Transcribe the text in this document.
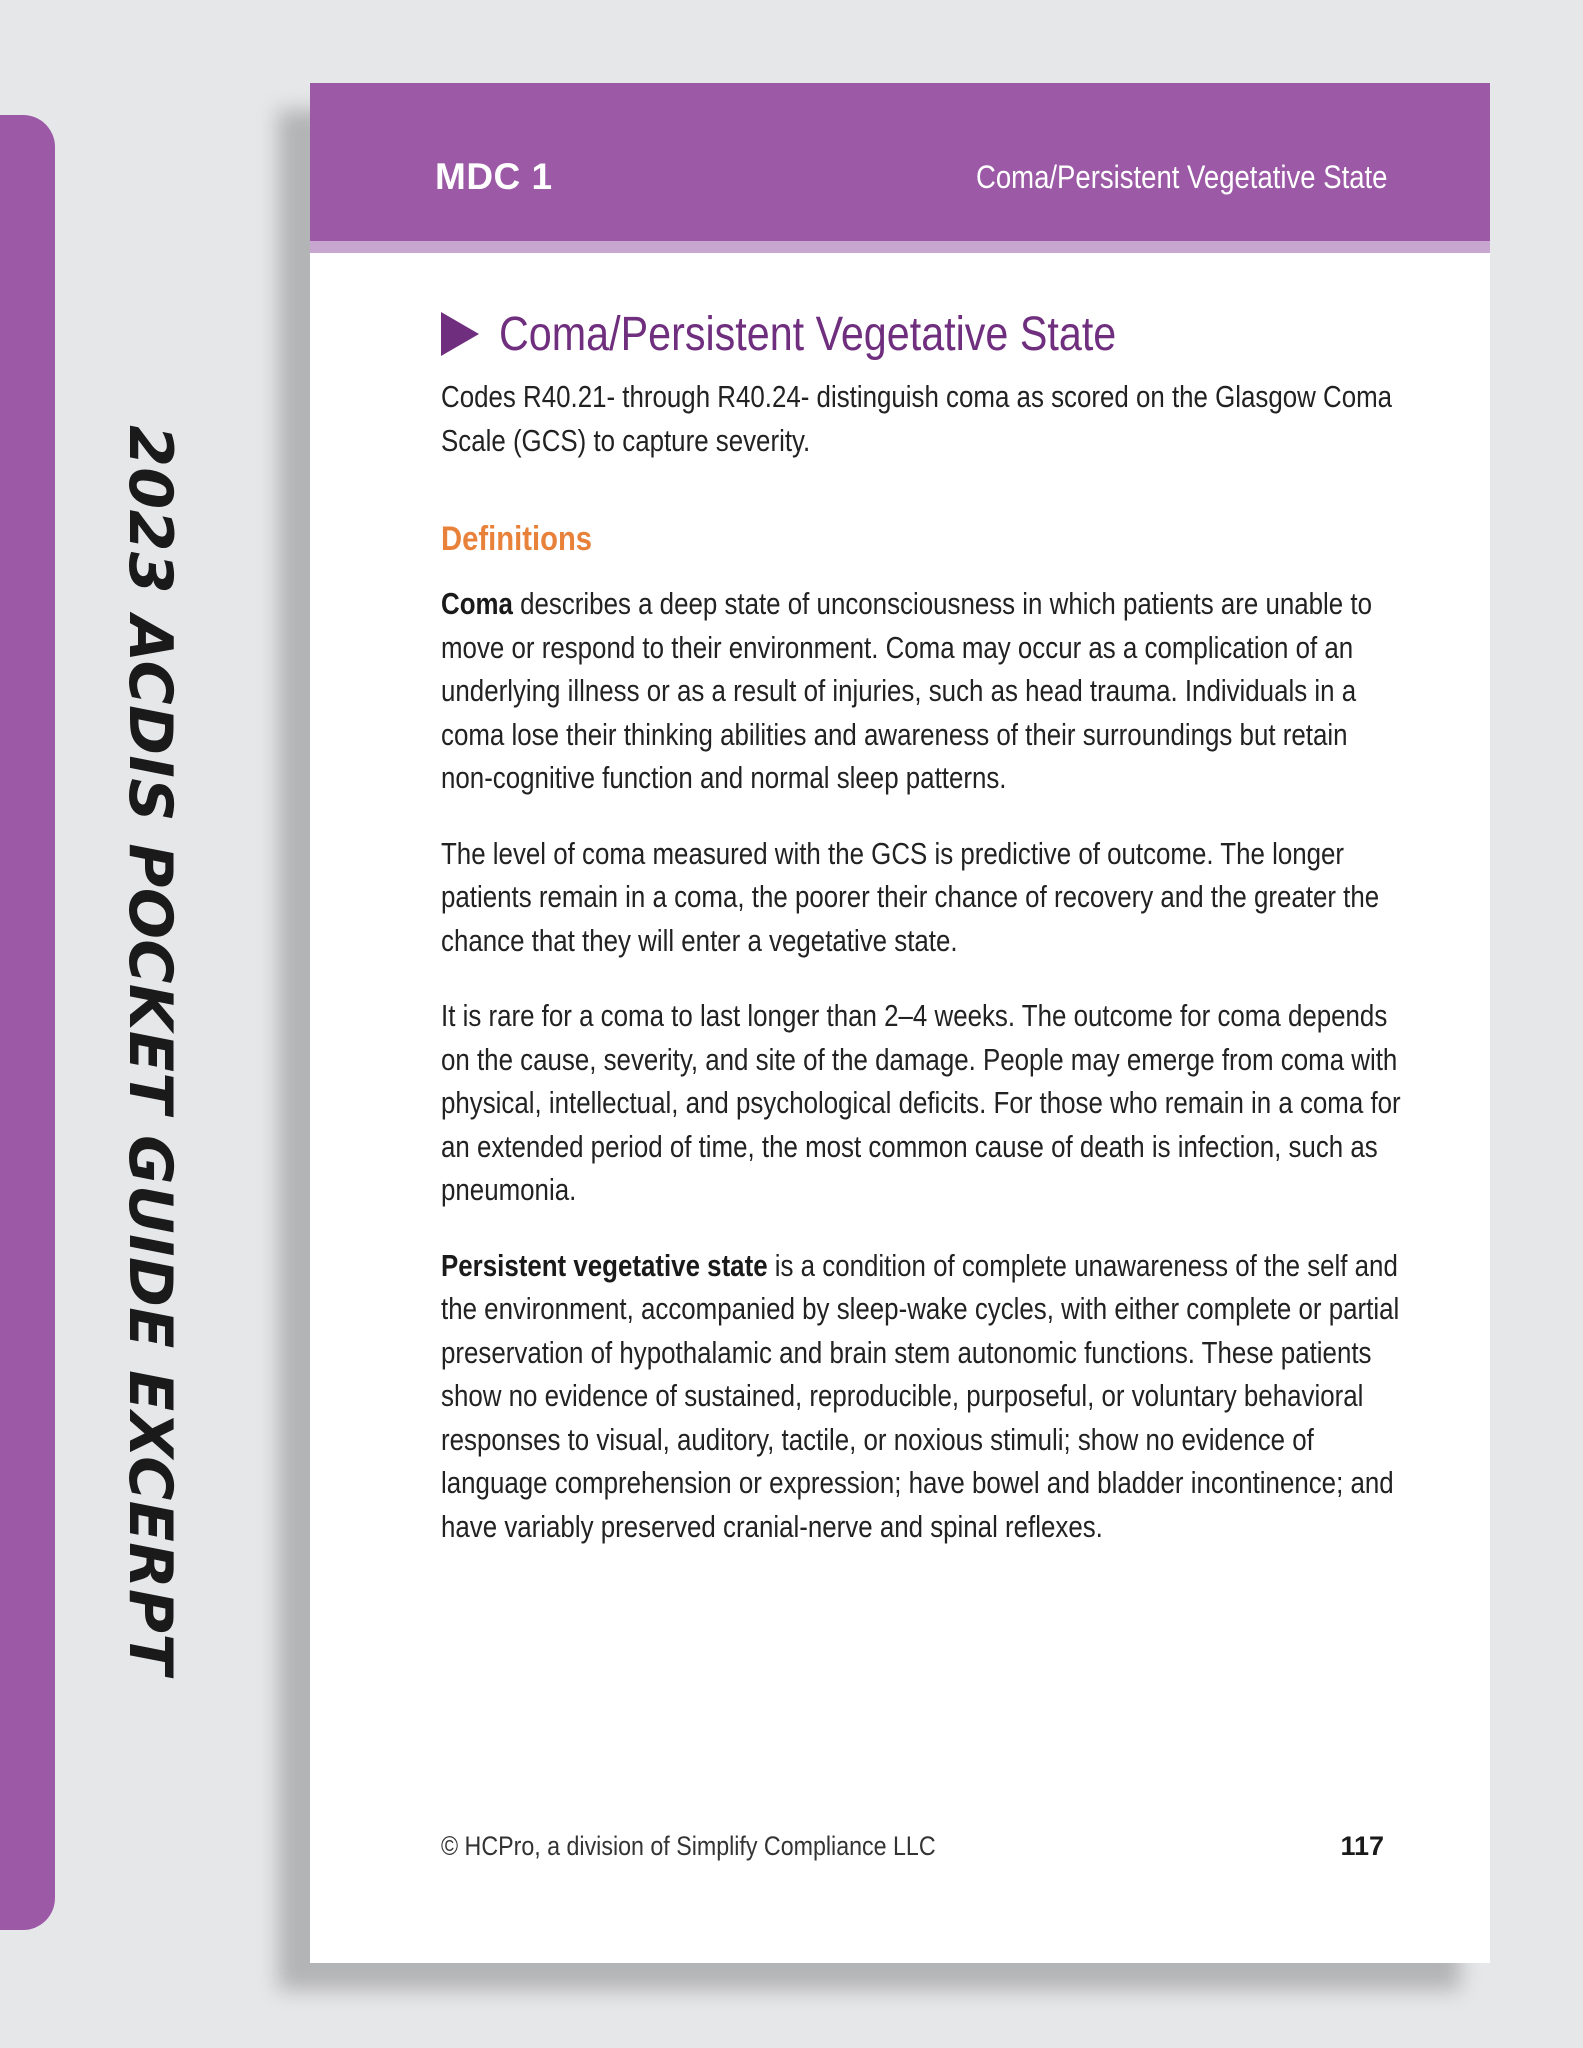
2023 ACDIS POCKET GUIDE EXCERPT
MDC 1	Coma/Persistent Vegetative State
Coma/Persistent Vegetative State

Codes R40.21- through R40.24- distinguish coma as scored on the Glasgow Coma Scale (GCS) to capture severity.

Definitions

Coma describes a deep state of unconsciousness in which patients are unable to move or respond to their environment. Coma may occur as a complication of an underlying illness or as a result of injuries, such as head trauma. Individuals in a coma lose their thinking abilities and awareness of their surroundings but retain non-cognitive function and normal sleep patterns.

The level of coma measured with the GCS is predictive of outcome. The longer patients remain in a coma, the poorer their chance of recovery and the greater the chance that they will enter a vegetative state.

It is rare for a coma to last longer than 2–4 weeks. The outcome for coma depends on the cause, severity, and site of the damage. People may emerge from coma with physical, intellectual, and psychological deficits. For those who remain in a coma for an extended period of time, the most common cause of death is infection, such as pneumonia.

Persistent vegetative state is a condition of complete unawareness of the self and the environment, accompanied by sleep-wake cycles, with either complete or partial preservation of hypothalamic and brain stem autonomic functions. These patients show no evidence of sustained, reproducible, purposeful, or voluntary behavioral responses to visual, auditory, tactile, or noxious stimuli; show no evidence of language comprehension or expression; have bowel and bladder incontinence; and have variably preserved cranial-nerve and spinal reflexes.

© HCPro, a division of Simplify Compliance LLC	117
